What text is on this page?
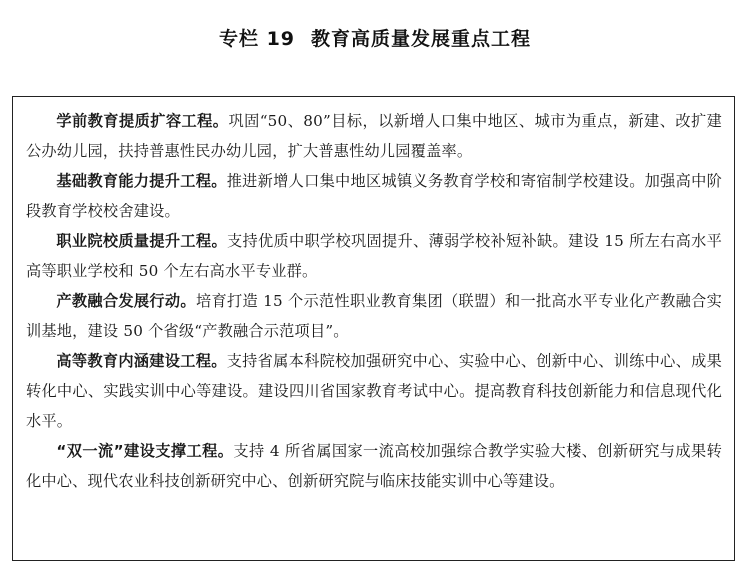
专栏 19 教育高质量发展重点工程

学前教育提质扩容工程。巩固“50、80”目标，以新增人口集中地区、城市为重点，新建、改扩建公办幼儿园，扶持普惠性民办幼儿园，扩大普惠性幼儿园覆盖率。

基础教育能力提升工程。推进新增人口集中地区城镇义务教育学校和寄宿制学校建设。加强高中阶段教育学校校舍建设。

职业院校质量提升工程。支持优质中职学校巩固提升、薄弱学校补短补缺。建设 15 所左右高水平高等职业学校和 50 个左右高水平专业群。

产教融合发展行动。培育打造 15 个示范性职业教育集团（联盟）和一批高水平专业化产教融合实训基地，建设 50 个省级“产教融合示范项目”。

高等教育内涵建设工程。支持省属本科院校加强研究中心、实验中心、创新中心、训练中心、成果转化中心、实践实训中心等建设。建设四川省国家教育考试中心。提高教育科技创新能力和信息现代化水平。

“双一流”建设支撑工程。支持 4 所省属国家一流高校加强综合教学实验大楼、创新研究与成果转化中心、现代农业科技创新研究中心、创新研究院与临床技能实训中心等建设。
